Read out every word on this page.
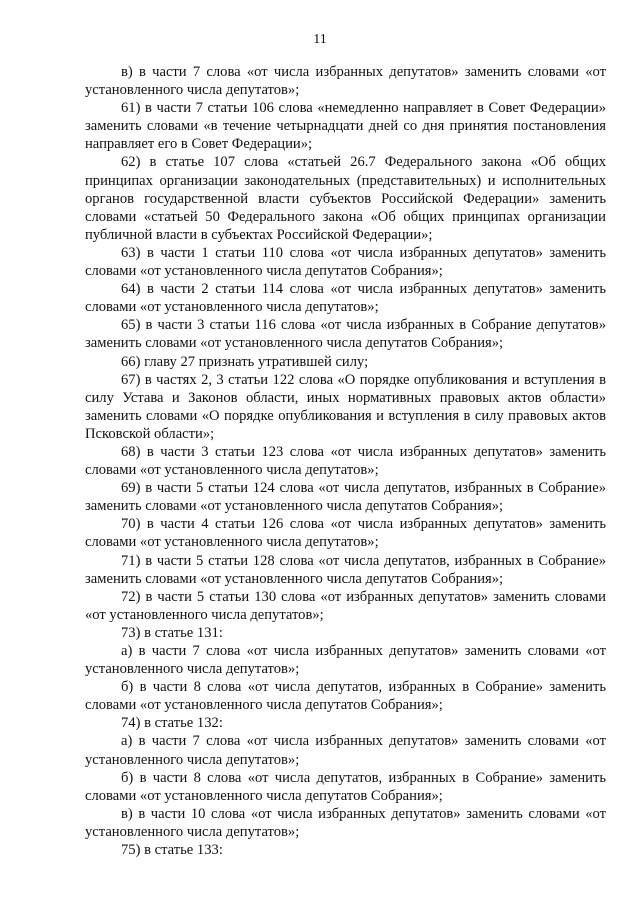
11

в) в части 7 слова «от числа избранных депутатов» заменить словами «от установленного числа депутатов»;

61) в части 7 статьи 106 слова «немедленно направляет в Совет Федерации» заменить словами «в течение четырнадцати дней со дня принятия постановления направляет его в Совет Федерации»;

62) в статье 107 слова «статьей 26.7 Федерального закона «Об общих принципах организации законодательных (представительных) и исполнительных органов государственной власти субъектов Российской Федерации» заменить словами «статьей 50 Федерального закона «Об общих принципах организации публичной власти в субъектах Российской Федерации»;

63) в части 1 статьи 110 слова «от числа избранных депутатов» заменить словами «от установленного числа депутатов Собрания»;

64) в части 2 статьи 114 слова «от числа избранных депутатов» заменить словами «от установленного числа депутатов»;

65) в части 3 статьи 116 слова «от числа избранных в Собрание депутатов» заменить словами «от установленного числа депутатов Собрания»;

66) главу 27 признать утратившей силу;

67) в частях 2, 3 статьи 122 слова «О порядке опубликования и вступления в силу Устава и Законов области, иных нормативных правовых актов области» заменить словами «О порядке опубликования и вступления в силу правовых актов Псковской области»;

68) в части 3 статьи 123 слова «от числа избранных депутатов» заменить словами «от установленного числа депутатов»;

69) в части 5 статьи 124 слова «от числа депутатов, избранных в Собрание» заменить словами «от установленного числа депутатов Собрания»;

70) в части 4 статьи 126 слова «от числа избранных депутатов» заменить словами «от установленного числа депутатов»;

71) в части 5 статьи 128 слова «от числа депутатов, избранных в Собрание» заменить словами «от установленного числа депутатов Собрания»;

72) в части 5 статьи 130 слова «от избранных депутатов» заменить словами «от установленного числа депутатов»;

73) в статье 131:

а) в части 7 слова «от числа избранных депутатов» заменить словами «от установленного числа депутатов»;

б) в части 8 слова «от числа депутатов, избранных в Собрание» заменить словами «от установленного числа депутатов Собрания»;

74) в статье 132:

а) в части 7 слова «от числа избранных депутатов» заменить словами «от установленного числа депутатов»;

б) в части 8 слова «от числа депутатов, избранных в Собрание» заменить словами «от установленного числа депутатов Собрания»;

в) в части 10 слова «от числа избранных депутатов» заменить словами «от установленного числа депутатов»;

75) в статье 133:
